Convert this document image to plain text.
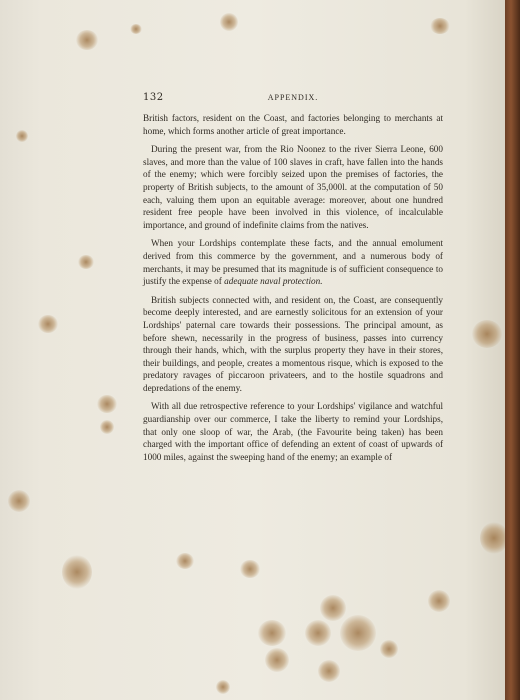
132	APPENDIX.

British factors, resident on the Coast, and factories belonging to merchants at home, which forms another article of great importance.

During the present war, from the Rio Noonez to the river Sierra Leone, 600 slaves, and more than the value of 100 slaves in craft, have fallen into the hands of the enemy; which were forcibly seized upon the premises of factories, the property of British subjects, to the amount of 35,000l. at the computation of 50 each, valuing them upon an equitable average: moreover, about one hundred resident free people have been involved in this violence, of incalculable importance, and ground of indefinite claims from the natives.

When your Lordships contemplate these facts, and the annual emolument derived from this commerce by the government, and a numerous body of merchants, it may be presumed that its magnitude is of sufficient consequence to justify the expense of adequate naval protection.

British subjects connected with, and resident on, the Coast, are consequently become deeply interested, and are earnestly solicitous for an extension of your Lordships' paternal care towards their possessions. The principal amount, as before shewn, necessarily in the progress of business, passes into currency through their hands, which, with the surplus property they have in their stores, their buildings, and people, creates a momentous risque, which is exposed to the predatory ravages of piccaroon privateers, and to the hostile squadrons and depredations of the enemy.

With all due retrospective reference to your Lordships' vigilance and watchful guardianship over our commerce, I take the liberty to remind your Lordships, that only one sloop of war, the Arab, (the Favourite being taken) has been charged with the important office of defending an extent of coast of upwards of 1000 miles, against the sweeping hand of the enemy; an example of
